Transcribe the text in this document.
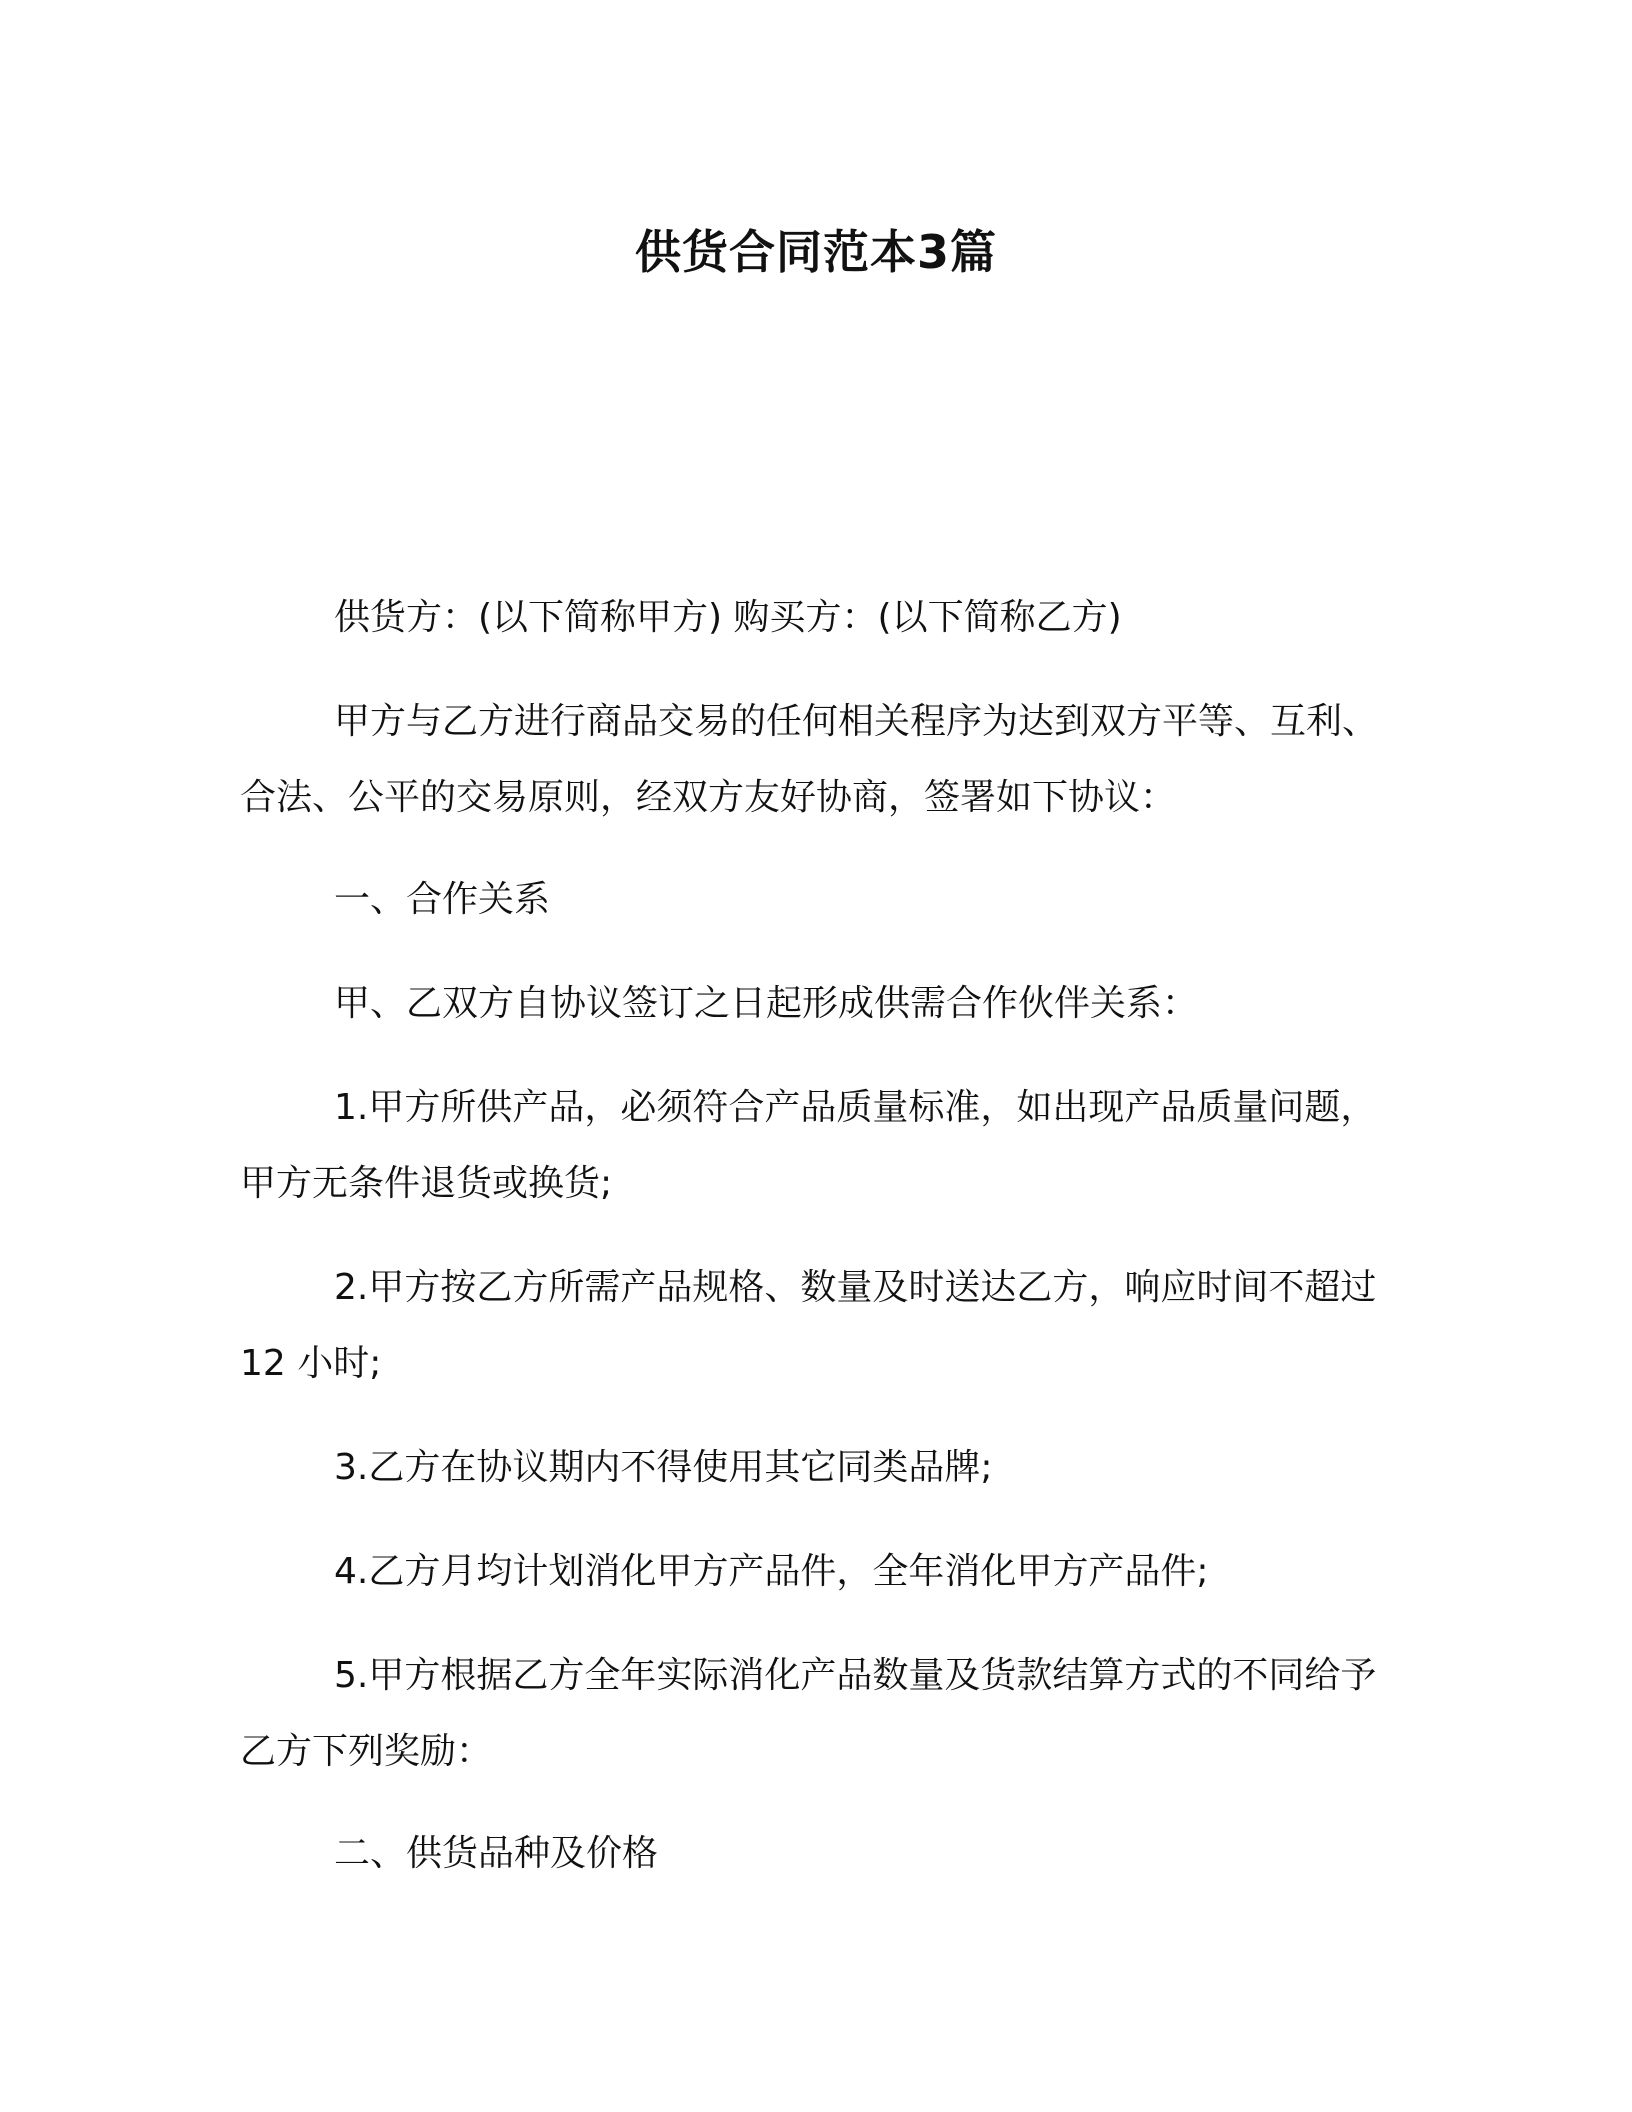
供货合同范本3篇

供货方：(以下简称甲方) 购买方：(以下简称乙方)

甲方与乙方进行商品交易的任何相关程序为达到双方平等、互利、合法、公平的交易原则，经双方友好协商，签署如下协议：

一、合作关系

甲、乙双方自协议签订之日起形成供需合作伙伴关系：

1.甲方所供产品，必须符合产品质量标准，如出现产品质量问题，甲方无条件退货或换货;

2.甲方按乙方所需产品规格、数量及时送达乙方，响应时间不超过 12 小时;

3.乙方在协议期内不得使用其它同类品牌;

4.乙方月均计划消化甲方产品件，全年消化甲方产品件;

5.甲方根据乙方全年实际消化产品数量及货款结算方式的不同给予乙方下列奖励：

二、供货品种及价格
